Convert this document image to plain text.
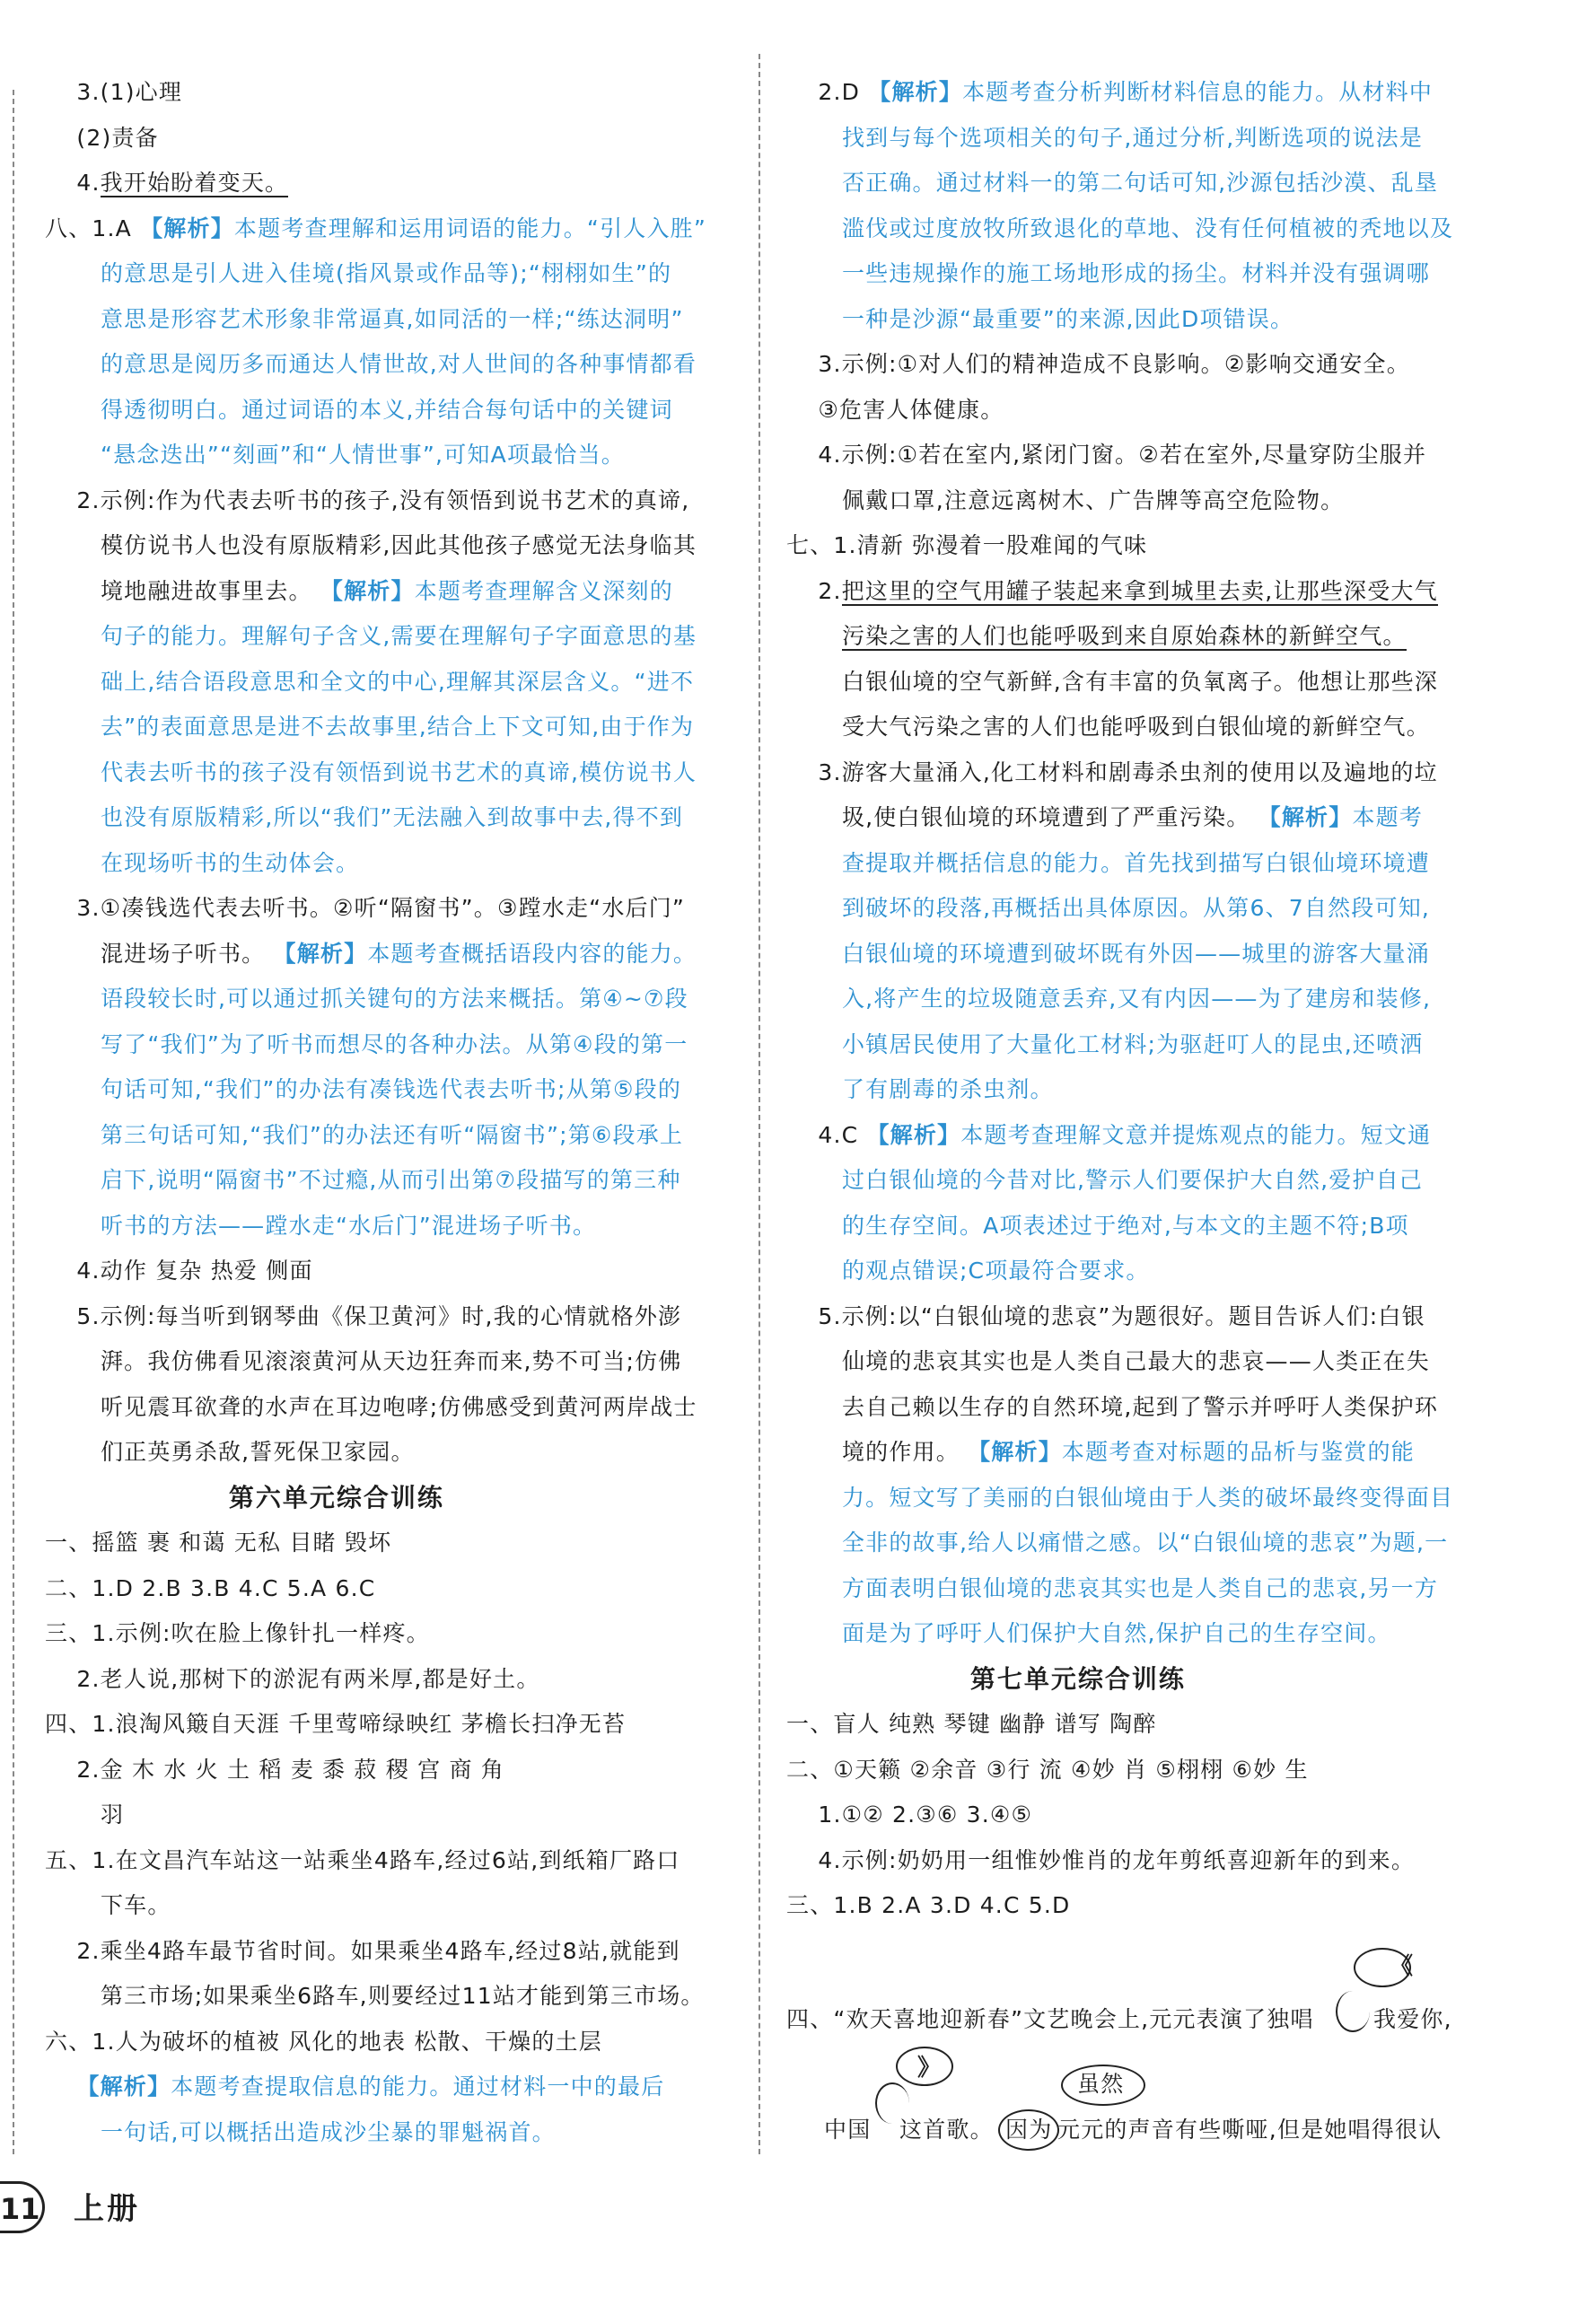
3.(1)心理
(2)责备
4.我开始盼着变天。
八、1.A 【解析】本题考查理解和运用词语的能力。“引人入胜”
的意思是引人进入佳境(指风景或作品等);“栩栩如生”的
意思是形容艺术形象非常逼真,如同活的一样;“练达洞明”
的意思是阅历多而通达人情世故,对人世间的各种事情都看
得透彻明白。通过词语的本义,并结合每句话中的关键词
“悬念迭出”“刻画”和“人情世事”,可知A项最恰当。
2.示例:作为代表去听书的孩子,没有领悟到说书艺术的真谛,
模仿说书人也没有原版精彩,因此其他孩子感觉无法身临其
境地融进故事里去。 【解析】本题考查理解含义深刻的
句子的能力。理解句子含义,需要在理解句子字面意思的基
础上,结合语段意思和全文的中心,理解其深层含义。“进不
去”的表面意思是进不去故事里,结合上下文可知,由于作为
代表去听书的孩子没有领悟到说书艺术的真谛,模仿说书人
也没有原版精彩,所以“我们”无法融入到故事中去,得不到
在现场听书的生动体会。
3.①凑钱选代表去听书。②听“隔窗书”。③蹚水走“水后门”
混进场子听书。 【解析】本题考查概括语段内容的能力。
语段较长时,可以通过抓关键句的方法来概括。第④~⑦段
写了“我们”为了听书而想尽的各种办法。从第④段的第一
句话可知,“我们”的办法有凑钱选代表去听书;从第⑤段的
第三句话可知,“我们”的办法还有听“隔窗书”;第⑥段承上
启下,说明“隔窗书”不过瘾,从而引出第⑦段描写的第三种
听书的方法——蹚水走“水后门”混进场子听书。
4.动作 复杂 热爱 侧面
5.示例:每当听到钢琴曲《保卫黄河》时,我的心情就格外澎
湃。我仿佛看见滚滚黄河从天边狂奔而来,势不可当;仿佛
听见震耳欲聋的水声在耳边咆哮;仿佛感受到黄河两岸战士
们正英勇杀敌,誓死保卫家园。
第六单元综合训练
一、摇篮 裹 和蔼 无私 目睹 毁坏
二、1.D 2.B 3.B 4.C 5.A 6.C
三、1.示例:吹在脸上像针扎一样疼。
2.老人说,那树下的淤泥有两米厚,都是好土。
四、1.浪淘风簸自天涯 千里莺啼绿映红 茅檐长扫净无苔
2.金 木 水 火 土 稻 麦 黍 菽 稷 宫 商 角
羽
五、1.在文昌汽车站这一站乘坐4路车,经过6站,到纸箱厂路口
下车。
2.乘坐4路车最节省时间。如果乘坐4路车,经过8站,就能到
第三市场;如果乘坐6路车,则要经过11站才能到第三市场。
六、1.人为破坏的植被 风化的地表 松散、干燥的土层
【解析】本题考查提取信息的能力。通过材料一中的最后
一句话,可以概括出造成沙尘暴的罪魁祸首。
2.D 【解析】本题考查分析判断材料信息的能力。从材料中
找到与每个选项相关的句子,通过分析,判断选项的说法是
否正确。通过材料一的第二句话可知,沙源包括沙漠、乱垦
滥伐或过度放牧所致退化的草地、没有任何植被的秃地以及
一些违规操作的施工场地形成的扬尘。材料并没有强调哪
一种是沙源“最重要”的来源,因此D项错误。
3.示例:①对人们的精神造成不良影响。②影响交通安全。
③危害人体健康。
4.示例:①若在室内,紧闭门窗。②若在室外,尽量穿防尘服并
佩戴口罩,注意远离树木、广告牌等高空危险物。
七、1.清新 弥漫着一股难闻的气味
2.把这里的空气用罐子装起来拿到城里去卖,让那些深受大气
污染之害的人们也能呼吸到来自原始森林的新鲜空气。
白银仙境的空气新鲜,含有丰富的负氧离子。他想让那些深
受大气污染之害的人们也能呼吸到白银仙境的新鲜空气。
3.游客大量涌入,化工材料和剧毒杀虫剂的使用以及遍地的垃
圾,使白银仙境的环境遭到了严重污染。 【解析】本题考
查提取并概括信息的能力。首先找到描写白银仙境环境遭
到破坏的段落,再概括出具体原因。从第6、7自然段可知,
白银仙境的环境遭到破坏既有外因——城里的游客大量涌
入,将产生的垃圾随意丢弃,又有内因——为了建房和装修,
小镇居民使用了大量化工材料;为驱赶叮人的昆虫,还喷洒
了有剧毒的杀虫剂。
4.C 【解析】本题考查理解文意并提炼观点的能力。短文通
过白银仙境的今昔对比,警示人们要保护大自然,爱护自己
的生存空间。A项表述过于绝对,与本文的主题不符;B项
的观点错误;C项最符合要求。
5.示例:以“白银仙境的悲哀”为题很好。题目告诉人们:白银
仙境的悲哀其实也是人类自己最大的悲哀——人类正在失
去自己赖以生存的自然环境,起到了警示并呼吁人类保护环
境的作用。 【解析】本题考查对标题的品析与鉴赏的能
力。短文写了美丽的白银仙境由于人类的破坏最终变得面目
全非的故事,给人以痛惜之感。以“白银仙境的悲哀”为题,一
方面表明白银仙境的悲哀其实也是人类自己的悲哀,另一方
面是为了呼吁人们保护大自然,保护自己的生存空间。
第七单元综合训练
一、盲人 纯熟 琴键 幽静 谱写 陶醉
二、①天籁 ②余音 ③行 流 ④妙 肖 ⑤栩栩 ⑥妙 生
1.①② 2.③⑥ 3.④⑤
4.示例:奶奶用一组惟妙惟肖的龙年剪纸喜迎新年的到来。
三、1.B 2.A 3.D 4.C 5.D
四、“欢天喜地迎新春”文艺晚会上,元元表演了独唱
《
我爱你,
中国
》
这首歌。 因为
虽然
元元的声音有些嘶哑,但是她唱得很认
11 上册
